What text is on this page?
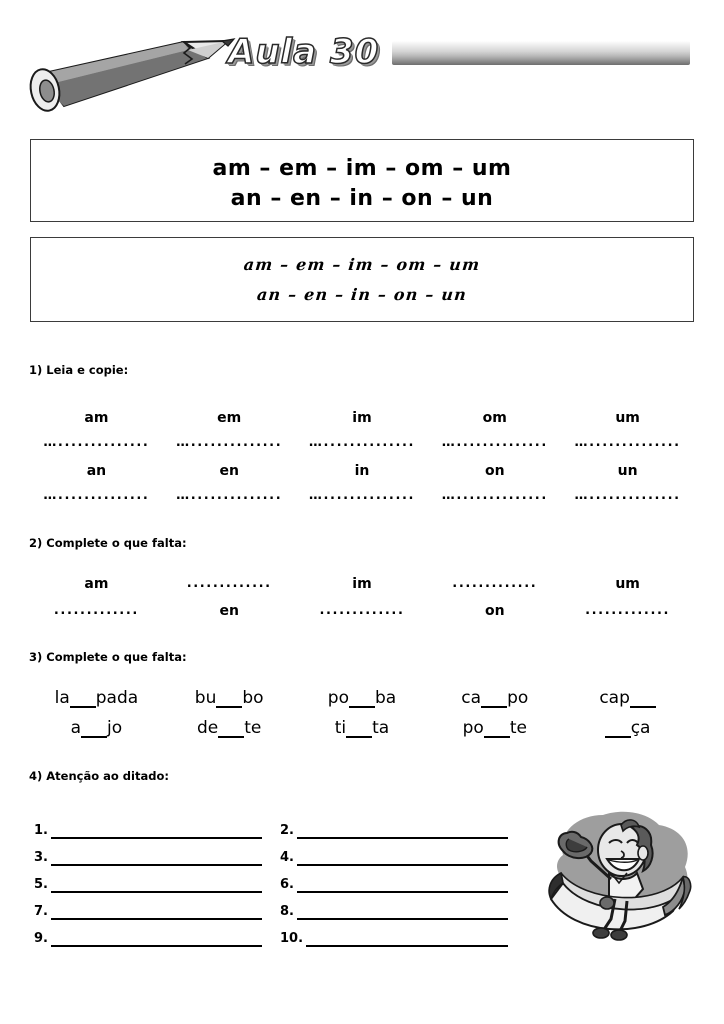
Aula 30
am – em – im – om – um
an – en – in – on – un
am – em – im – om – um
an – en – in – on – un
1) Leia e copie:
am	em	im	om	um
…..............	…..............	…..............	…..............	…..............
an	en	in	on	un
…..............	…..............	…..............	…..............	…..............
2) Complete o que falta:
am	.............	im	.............	um
.............	en	.............	on	.............
3) Complete o que falta:
la pada	bu bo	po ba	ca po	cap
a jo	de te	ti ta	po te	ça
4) Atenção ao ditado:
1.	2.
3.	4.
5.	6.
7.	8.
9.	10.
